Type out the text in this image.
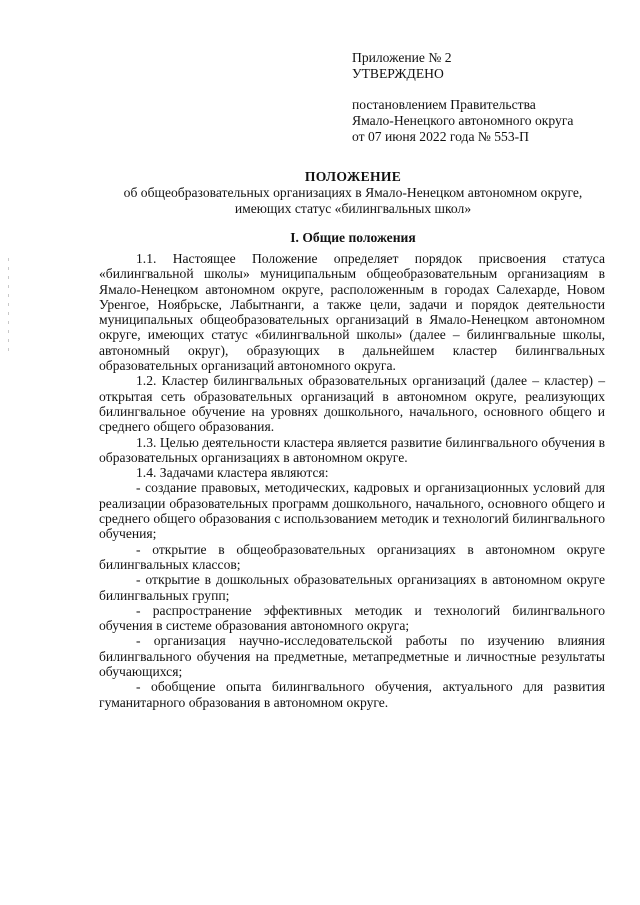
Приложение № 2
УТВЕРЖДЕНО
постановлением Правительства
Ямало-Ненецкого автономного округа
от 07 июня 2022 года № 553-П
ПОЛОЖЕНИЕ
об общеобразовательных организациях в Ямало-Ненецком автономном округе,
имеющих статус «билингвальных школ»
I. Общие положения

1.1. Настоящее Положение определяет порядок присвоения статуса «билингвальной школы» муниципальным общеобразовательным организациям в Ямало-Ненецком автономном округе, расположенным в городах Салехарде, Новом Уренгое, Ноябрьске, Лабытнанги, а также цели, задачи и порядок деятельности муниципальных общеобразовательных организаций в Ямало-Ненецком автономном округе, имеющих статус «билингвальной школы» (далее – билингвальные школы, автономный округ), образующих в дальнейшем кластер билингвальных образовательных организаций автономного округа.

1.2. Кластер билингвальных образовательных организаций (далее – кластер) – открытая сеть образовательных организаций в автономном округе, реализующих билингвальное обучение на уровнях дошкольного, начального, основного общего и среднего общего образования.

1.3. Целью деятельности кластера является развитие билингвального обучения в образовательных организациях в автономном округе.

1.4. Задачами кластера являются:

- создание правовых, методических, кадровых и организационных условий для реализации образовательных программ дошкольного, начального, основного общего и среднего общего образования с использованием методик и технологий билингвального обучения;

- открытие в общеобразовательных организациях в автономном округе билингвальных классов;

- открытие в дошкольных образовательных организациях в автономном округе билингвальных групп;

- распространение эффективных методик и технологий билингвального обучения в системе образования автономного округа;

- организация научно-исследовательской работы по изучению влияния билингвального обучения на предметные, метапредметные и личностные результаты обучающихся;

- обобщение опыта билингвального обучения, актуального для развития гуманитарного образования в автономном округе.
